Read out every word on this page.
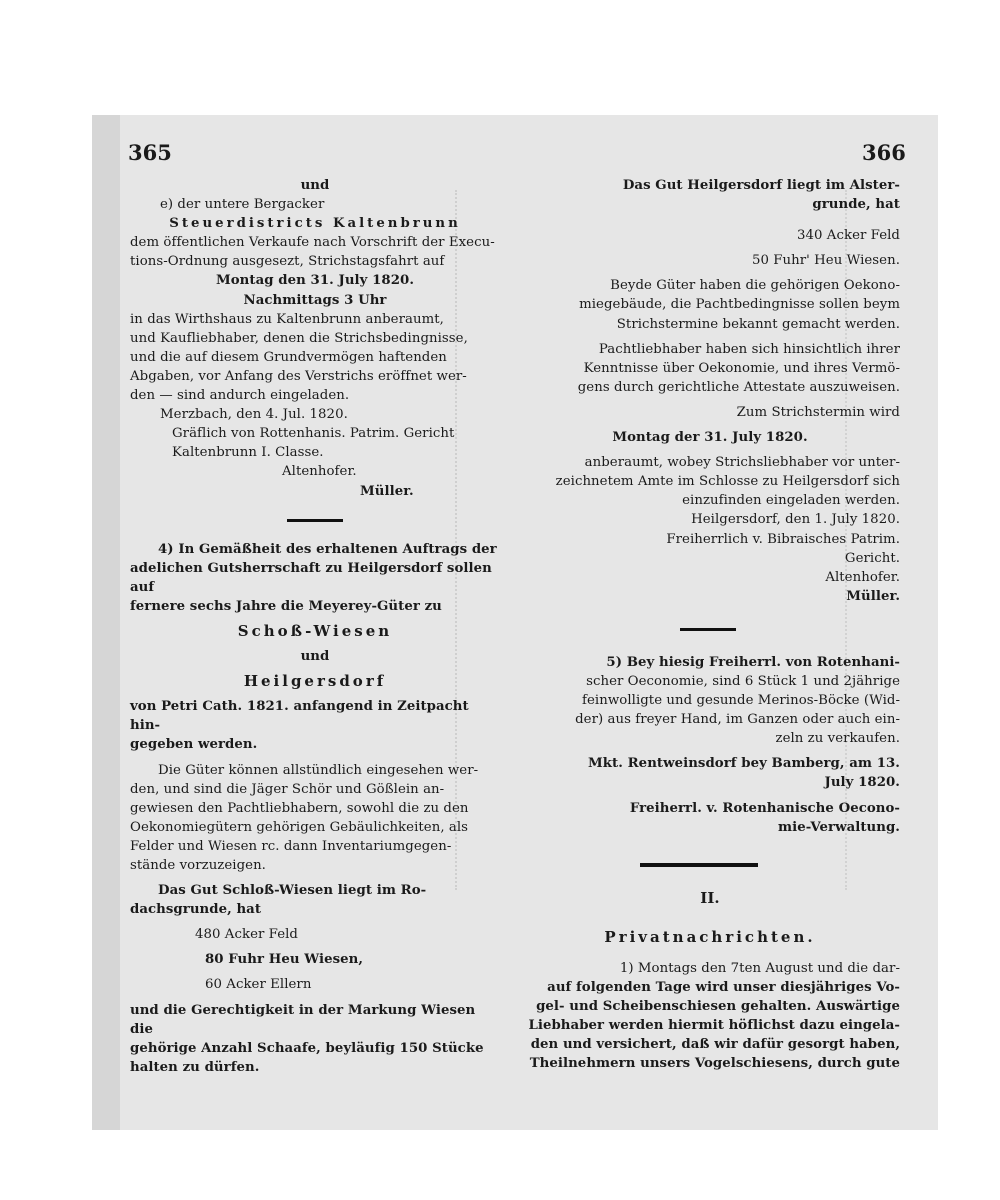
365	366

und

e) der untere Bergacker

Steuerdistricts Kaltenbrunn

dem öffentlichen Verkaufe nach Vorschrift der Execu-

tions-Ordnung ausgesezt, Strichstagsfahrt auf

Montag den 31. July 1820.

Nachmittags 3 Uhr

in das Wirthshaus zu Kaltenbrunn anberaumt,

und Kaufliebhaber, denen die Strichsbedingnisse,

und die auf diesem Grundvermögen haftenden

Abgaben, vor Anfang des Verstrichs eröffnet wer-

den — sind andurch eingeladen.

Merzbach, den 4. Jul. 1820.

Gräflich von Rottenhanis. Patrim. Gericht

Kaltenbrunn I. Classe.

Altenhofer.

Müller.

4) In Gemäßheit des erhaltenen Auftrags der

adelichen Gutsherrschaft zu Heilgersdorf sollen auf

fernere sechs Jahre die Meyerey-Güter zu

Schoß-Wiesen

und

Heilgersdorf

von Petri Cath. 1821. anfangend in Zeitpacht hin-

gegeben werden.

Die Güter können allstündlich eingesehen wer-

den, und sind die Jäger Schör und Gößlein an-

gewiesen den Pachtliebhabern, sowohl die zu den

Oekonomiegütern gehörigen Gebäulichkeiten, als

Felder und Wiesen rc. dann Inventariumgegen-

stände vorzuzeigen.

Das Gut Schloß-Wiesen liegt im Ro-

dachsgrunde, hat

480 Acker Feld

80 Fuhr Heu Wiesen,

60 Acker Ellern

und die Gerechtigkeit in der Markung Wiesen die

gehörige Anzahl Schaafe, beyläufig 150 Stücke

halten zu dürfen.

Das Gut Heilgersdorf liegt im Alster-

grunde, hat

340 Acker Feld

50 Fuhr' Heu Wiesen.

Beyde Güter haben die gehörigen Oekono-

miegebäude, die Pachtbedingnisse sollen beym

Strichstermine bekannt gemacht werden.

Pachtliebhaber haben sich hinsichtlich ihrer

Kenntnisse über Oekonomie, und ihres Vermö-

gens durch gerichtliche Attestate auszuweisen.

Zum Strichstermin wird

Montag der 31. July 1820.

anberaumt, wobey Strichsliebhaber vor unter-

zeichnetem Amte im Schlosse zu Heilgersdorf sich

einzufinden eingeladen werden.

Heilgersdorf, den 1. July 1820.

Freiherrlich v. Bibraisches Patrim.

Gericht.

Altenhofer.

Müller.

5) Bey hiesig Freiherrl. von Rotenhani-

scher Oeconomie, sind 6 Stück 1 und 2jährige

feinwolligte und gesunde Merinos-Böcke (Wid-

der) aus freyer Hand, im Ganzen oder auch ein-

zeln zu verkaufen.

Mkt. Rentweinsdorf bey Bamberg, am 13.

July 1820.

Freiherrl. v. Rotenhanische Oecono-

mie-Verwaltung.

II.

Privatnachrichten.

1) Montags den 7ten August und die dar-

auf folgenden Tage wird unser diesjähriges Vo-

gel- und Scheibenschiesen gehalten. Auswärtige

Liebhaber werden hiermit höflichst dazu eingela-

den und versichert, daß wir dafür gesorgt haben,

Theilnehmern unsers Vogelschiesens, durch gute
